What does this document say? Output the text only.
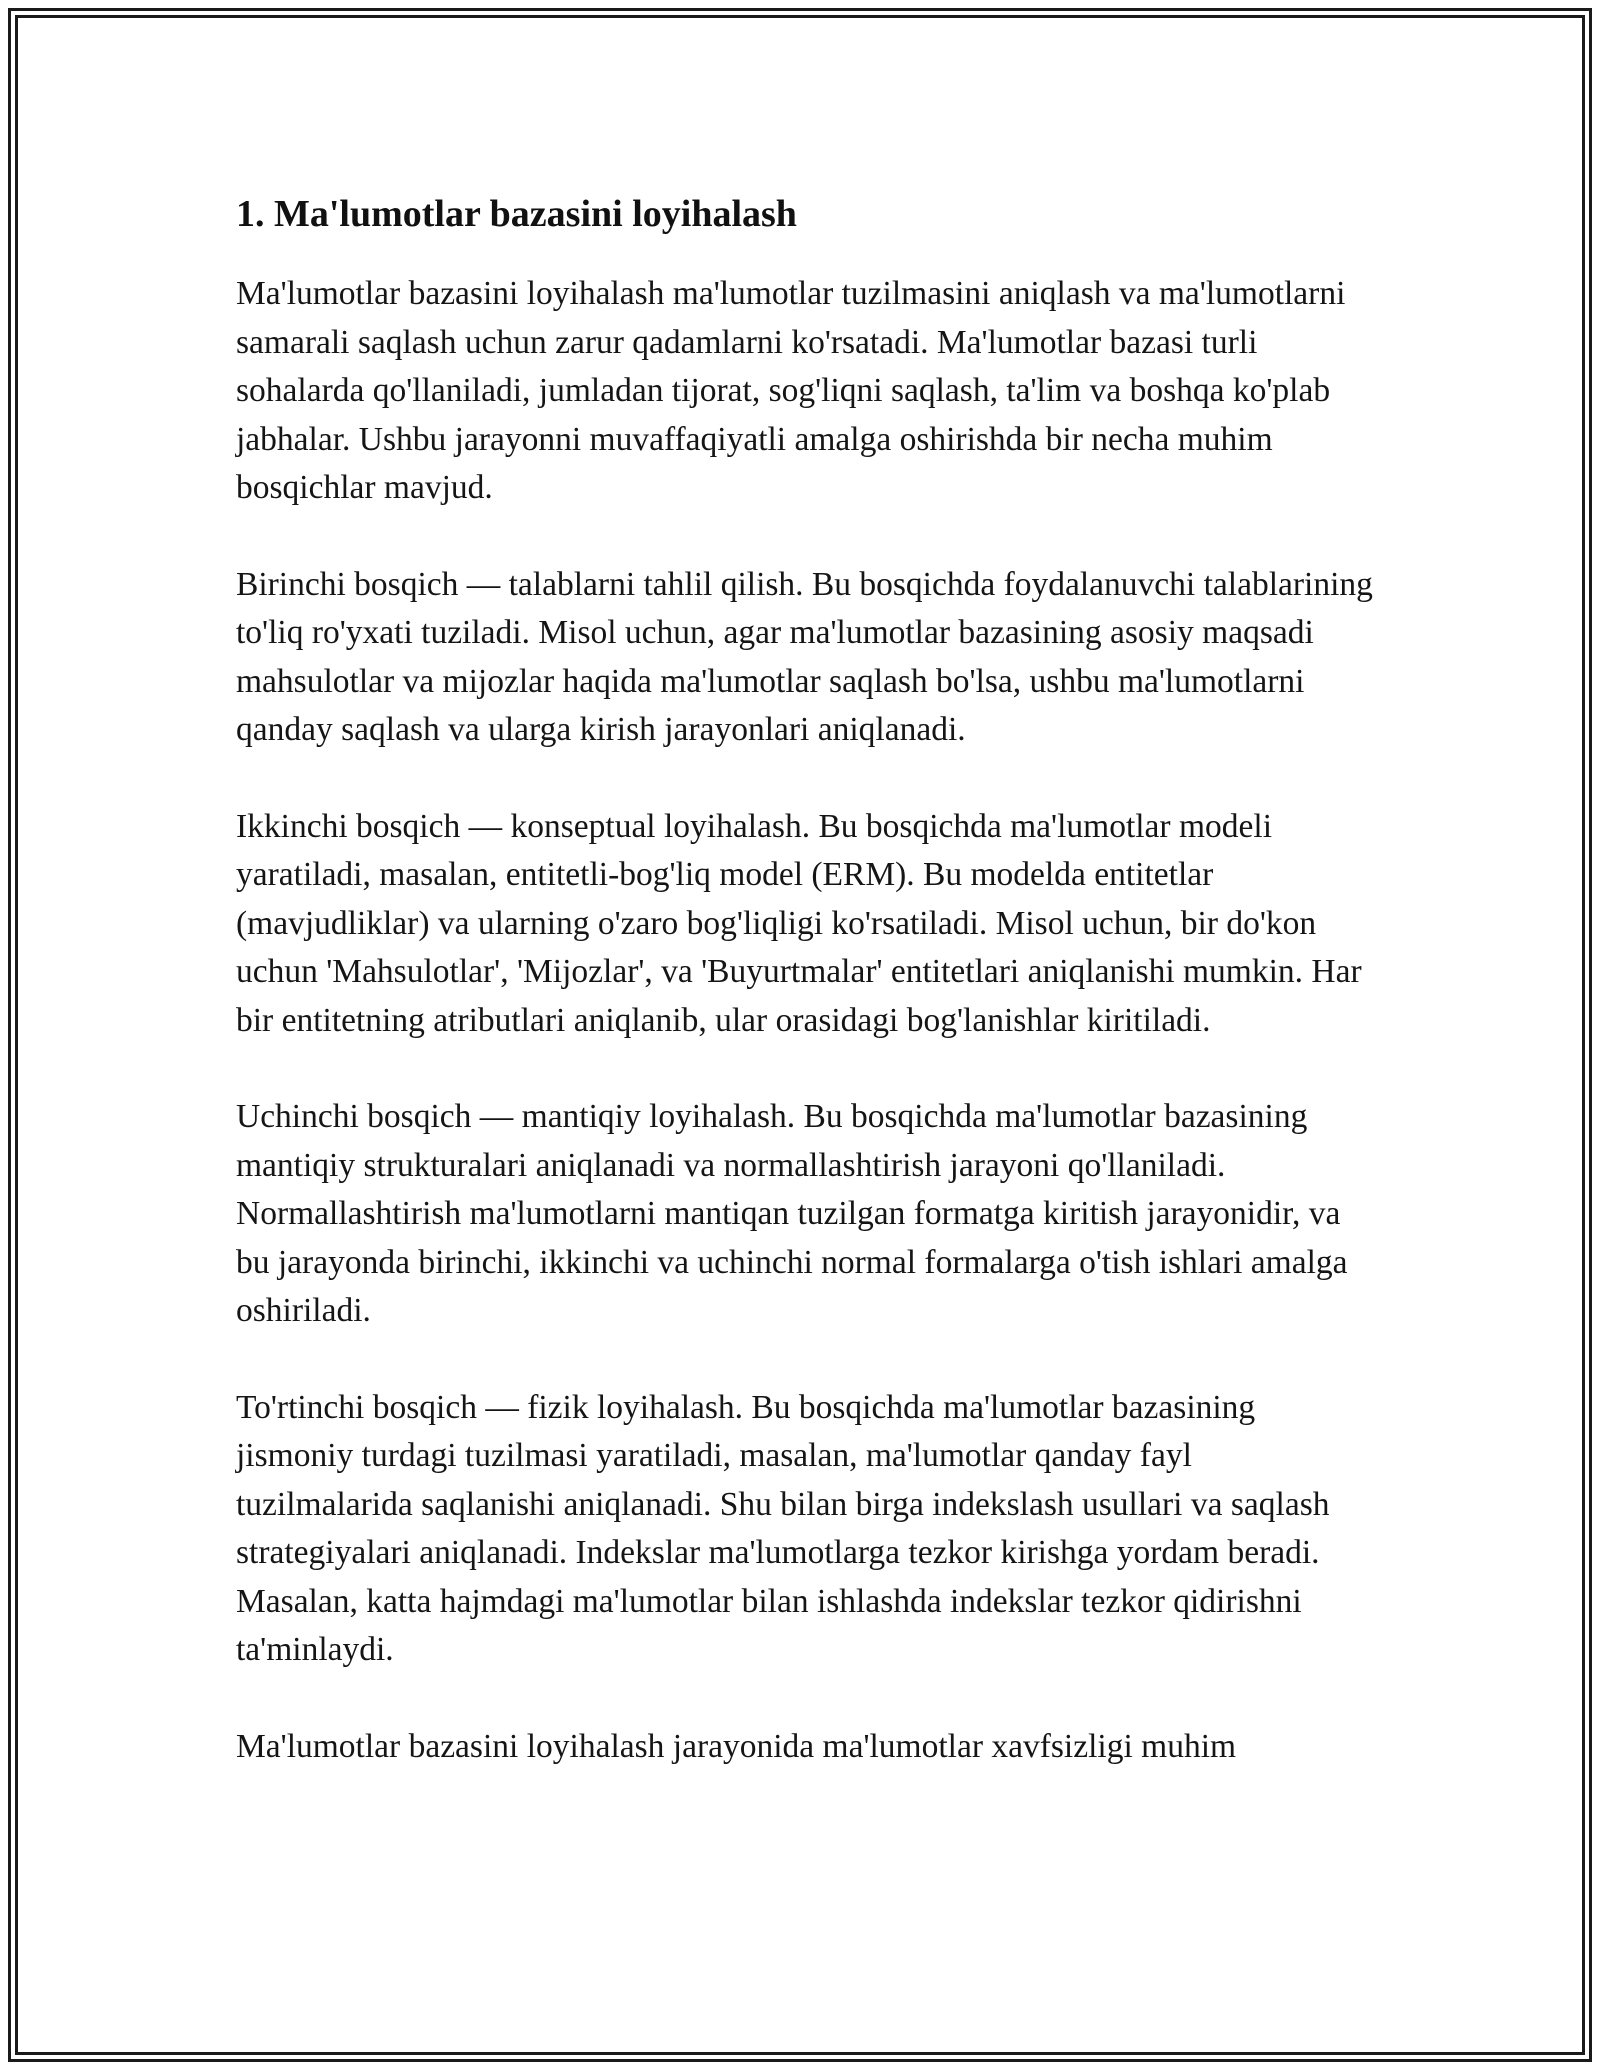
1. Ma'lumotlar bazasini loyihalash

Ma'lumotlar bazasini loyihalash ma'lumotlar tuzilmasini aniqlash va ma'lumotlarni samarali saqlash uchun zarur qadamlarni ko'rsatadi. Ma'lumotlar bazasi turli sohalarda qo'llaniladi, jumladan tijorat, sog'liqni saqlash, ta'lim va boshqa ko'plab jabhalar. Ushbu jarayonni muvaffaqiyatli amalga oshirishda bir necha muhim bosqichlar mavjud.

Birinchi bosqich — talablarni tahlil qilish. Bu bosqichda foydalanuvchi talablarining to'liq ro'yxati tuziladi. Misol uchun, agar ma'lumotlar bazasining asosiy maqsadi mahsulotlar va mijozlar haqida ma'lumotlar saqlash bo'lsa, ushbu ma'lumotlarni qanday saqlash va ularga kirish jarayonlari aniqlanadi.

Ikkinchi bosqich — konseptual loyihalash. Bu bosqichda ma'lumotlar modeli yaratiladi, masalan, entitetli-bog'liq model (ERM). Bu modelda entitetlar (mavjudliklar) va ularning o'zaro bog'liqligi ko'rsatiladi. Misol uchun, bir do'kon uchun 'Mahsulotlar', 'Mijozlar', va 'Buyurtmalar' entitetlari aniqlanishi mumkin. Har bir entitetning atributlari aniqlanib, ular orasidagi bog'lanishlar kiritiladi.

Uchinchi bosqich — mantiqiy loyihalash. Bu bosqichda ma'lumotlar bazasining mantiqiy strukturalari aniqlanadi va normallashtirish jarayoni qo'llaniladi. Normallashtirish ma'lumotlarni mantiqan tuzilgan formatga kiritish jarayonidir, va bu jarayonda birinchi, ikkinchi va uchinchi normal formalarga o'tish ishlari amalga oshiriladi.

To'rtinchi bosqich — fizik loyihalash. Bu bosqichda ma'lumotlar bazasining jismoniy turdagi tuzilmasi yaratiladi, masalan, ma'lumotlar qanday fayl tuzilmalarida saqlanishi aniqlanadi. Shu bilan birga indekslash usullari va saqlash strategiyalari aniqlanadi. Indekslar ma'lumotlarga tezkor kirishga yordam beradi. Masalan, katta hajmdagi ma'lumotlar bilan ishlashda indekslar tezkor qidirishni ta'minlaydi.

Ma'lumotlar bazasini loyihalash jarayonida ma'lumotlar xavfsizligi muhim
